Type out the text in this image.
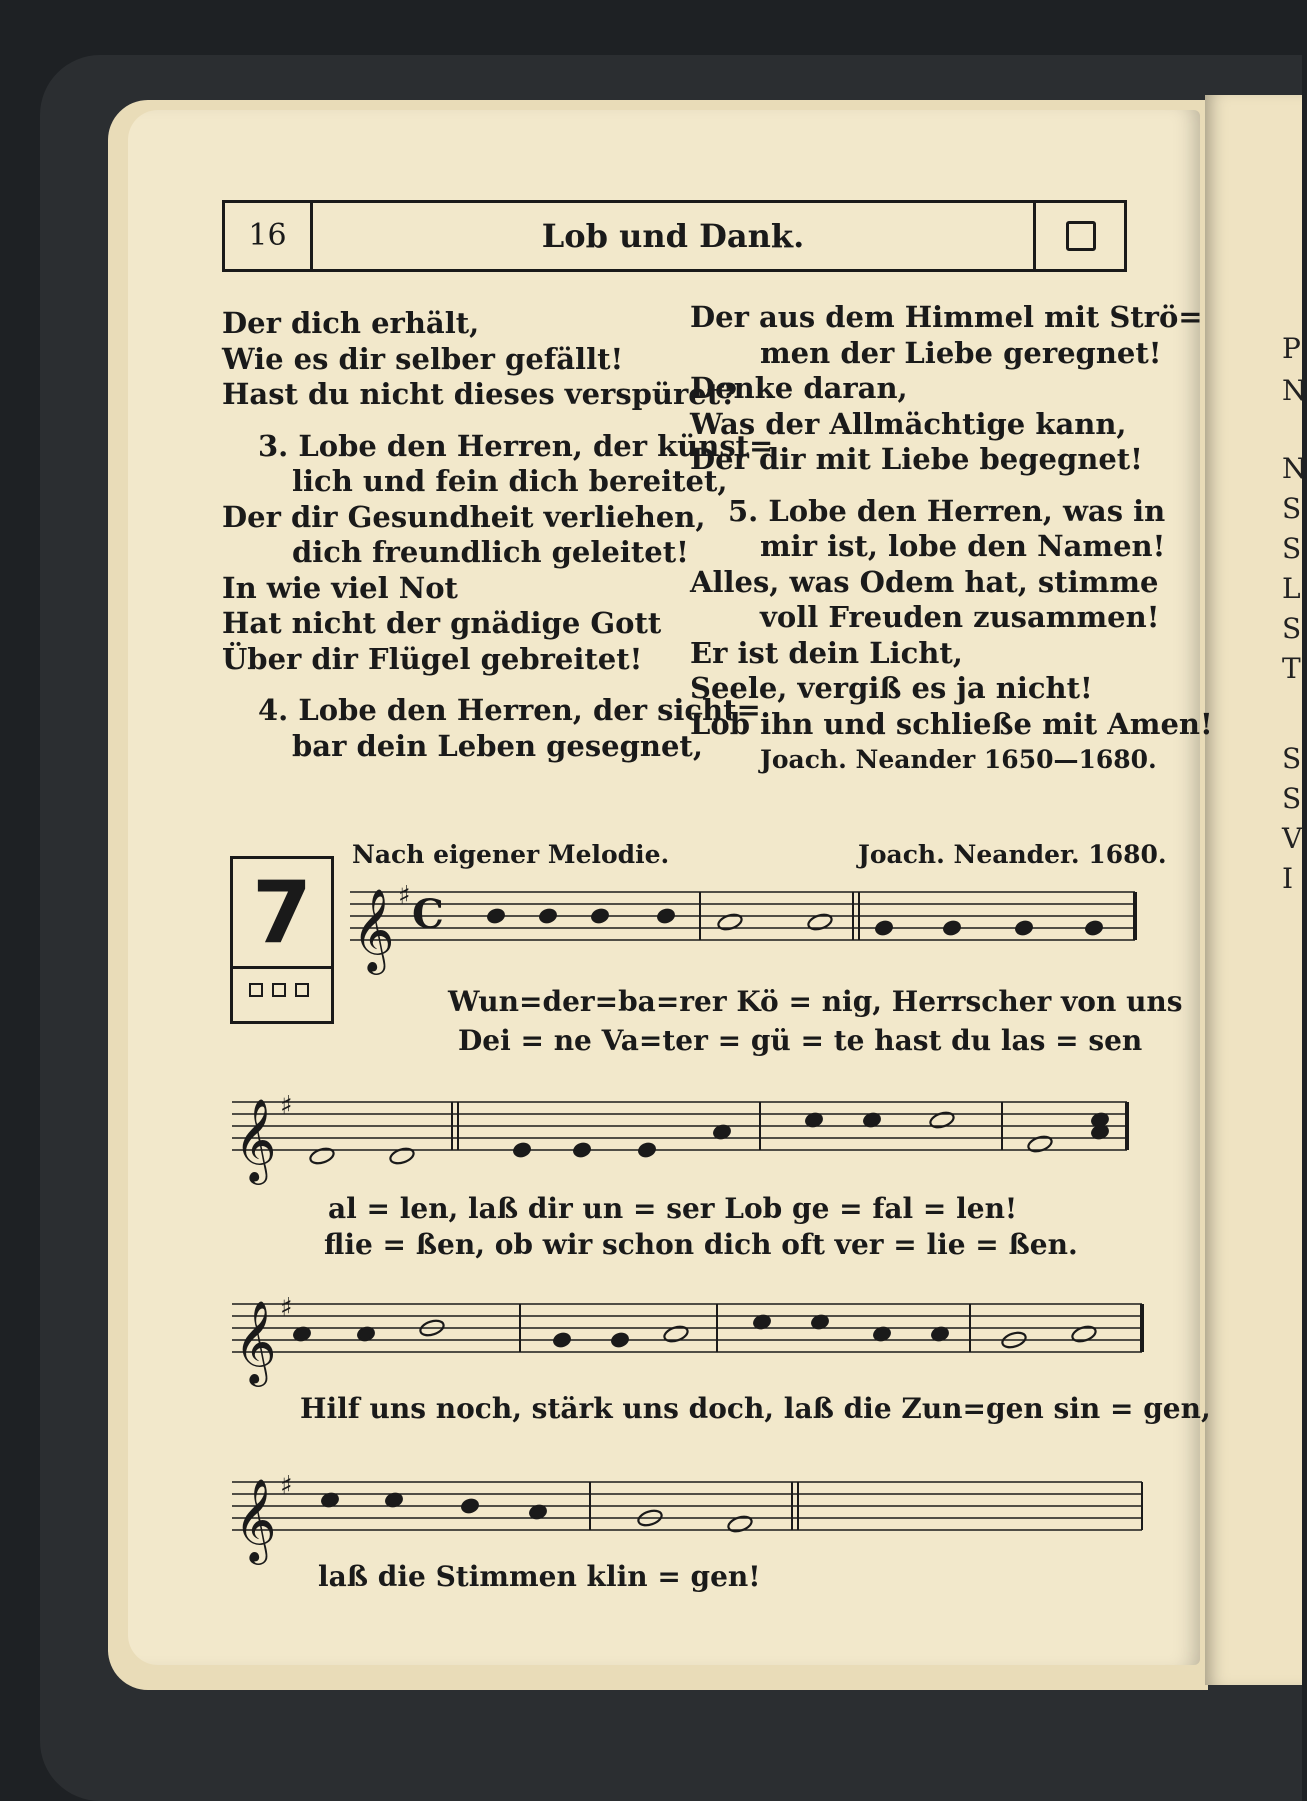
P
N
N
S
S
L
S
T
S
S
V
I
16	Lob und Dank.
Der dich erhält,
Wie es dir selber gefällt!
Hast du nicht dieses verspüret?
3. Lobe den Herren, der künst=
lich und fein dich bereitet,
Der dir Gesundheit verliehen,
dich freundlich geleitet!
In wie viel Not
Hat nicht der gnädige Gott
Über dir Flügel gebreitet!
4. Lobe den Herren, der sicht=
bar dein Leben gesegnet,
Der aus dem Himmel mit Strö=
men der Liebe geregnet!
Denke daran,
Was der Allmächtige kann,
Der dir mit Liebe begegnet!
5. Lobe den Herren, was in
mir ist, lobe den Namen!
Alles, was Odem hat, stimme
voll Freuden zusammen!
Er ist dein Licht,
Seele, vergiß es ja nicht!
Lob ihn und schließe mit Amen!
Joach. Neander 1650—1680.
7
Nach eigener Melodie.	Joach. Neander. 1680.
𝄞 ♯ C
Wun=der=ba=rer Kö = nig, Herrscher von uns
Dei = ne Va=ter = gü = te hast du las = sen
𝄞 ♯
al = len, laß dir un = ser Lob ge = fal = len!
flie = ßen, ob wir schon dich oft ver = lie = ßen.
𝄞 ♯
Hilf uns noch, stärk uns doch, laß die Zun=gen sin = gen,
𝄞 ♯
laß die Stimmen klin = gen!
